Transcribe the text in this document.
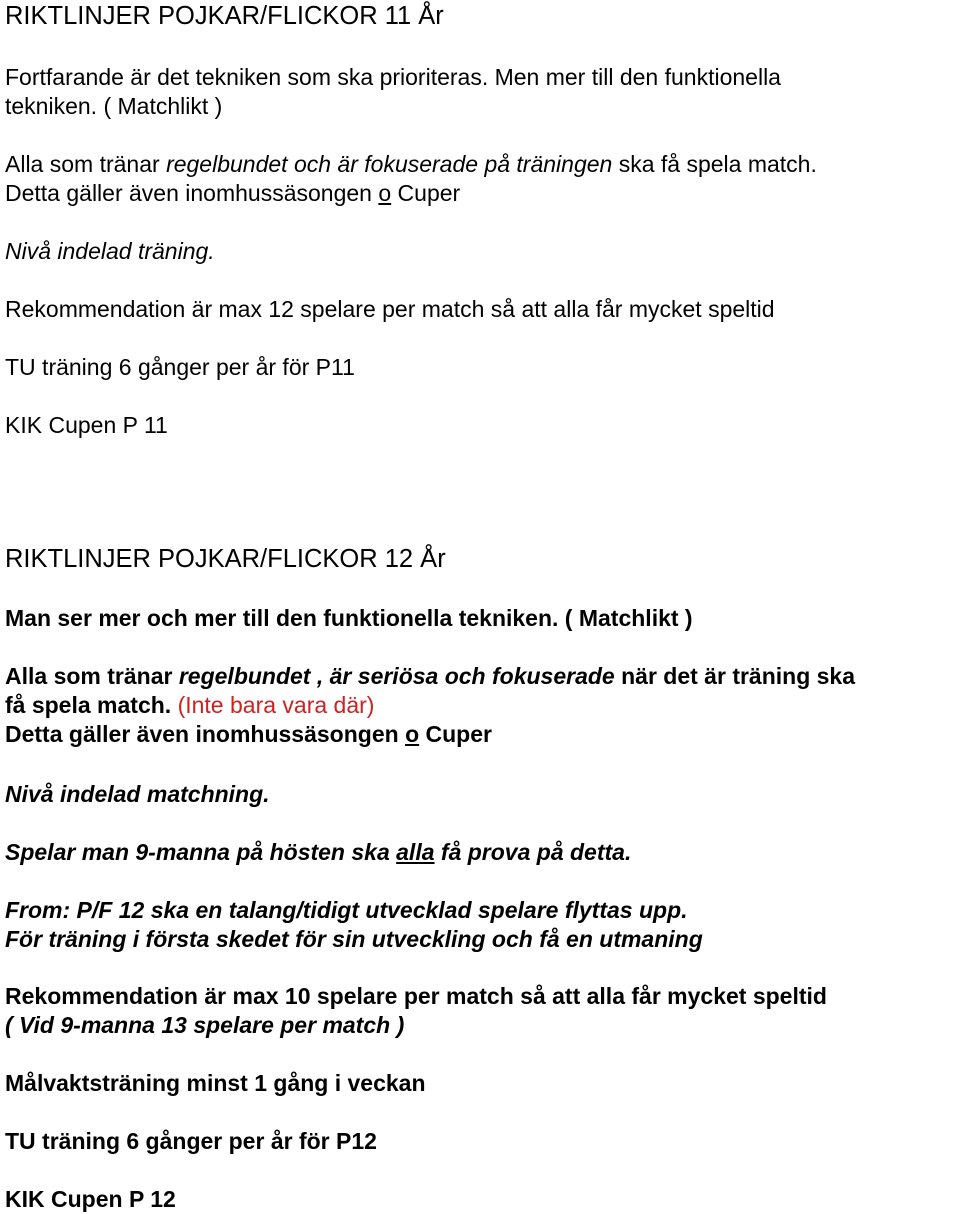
RIKTLINJER POJKAR/FLICKOR 11 År
Fortfarande är det tekniken som ska prioriteras. Men mer till den funktionella
tekniken. ( Matchlikt )
Alla som tränar regelbundet och är fokuserade på träningen ska få spela match.
Detta gäller även inomhussäsongen o Cuper
Nivå indelad träning.
Rekommendation är max 12 spelare per match så att alla får mycket speltid
TU träning 6 gånger per år för P11
KIK Cupen P 11
RIKTLINJER POJKAR/FLICKOR 12 År
Man ser mer och mer till den funktionella tekniken. ( Matchlikt )
Alla som tränar regelbundet , är seriösa och fokuserade när det är träning ska
få spela match. (Inte bara vara där)
Detta gäller även inomhussäsongen o Cuper
Nivå indelad matchning.
Spelar man 9-manna på hösten ska alla få prova på detta.
From: P/F 12 ska en talang/tidigt utvecklad spelare flyttas upp.
För träning i första skedet för sin utveckling och få en utmaning
Rekommendation är max 10 spelare per match så att alla får mycket speltid
( Vid 9-manna 13 spelare per match )
Målvaktsträning minst 1 gång i veckan
TU träning 6 gånger per år för P12
KIK Cupen P 12
